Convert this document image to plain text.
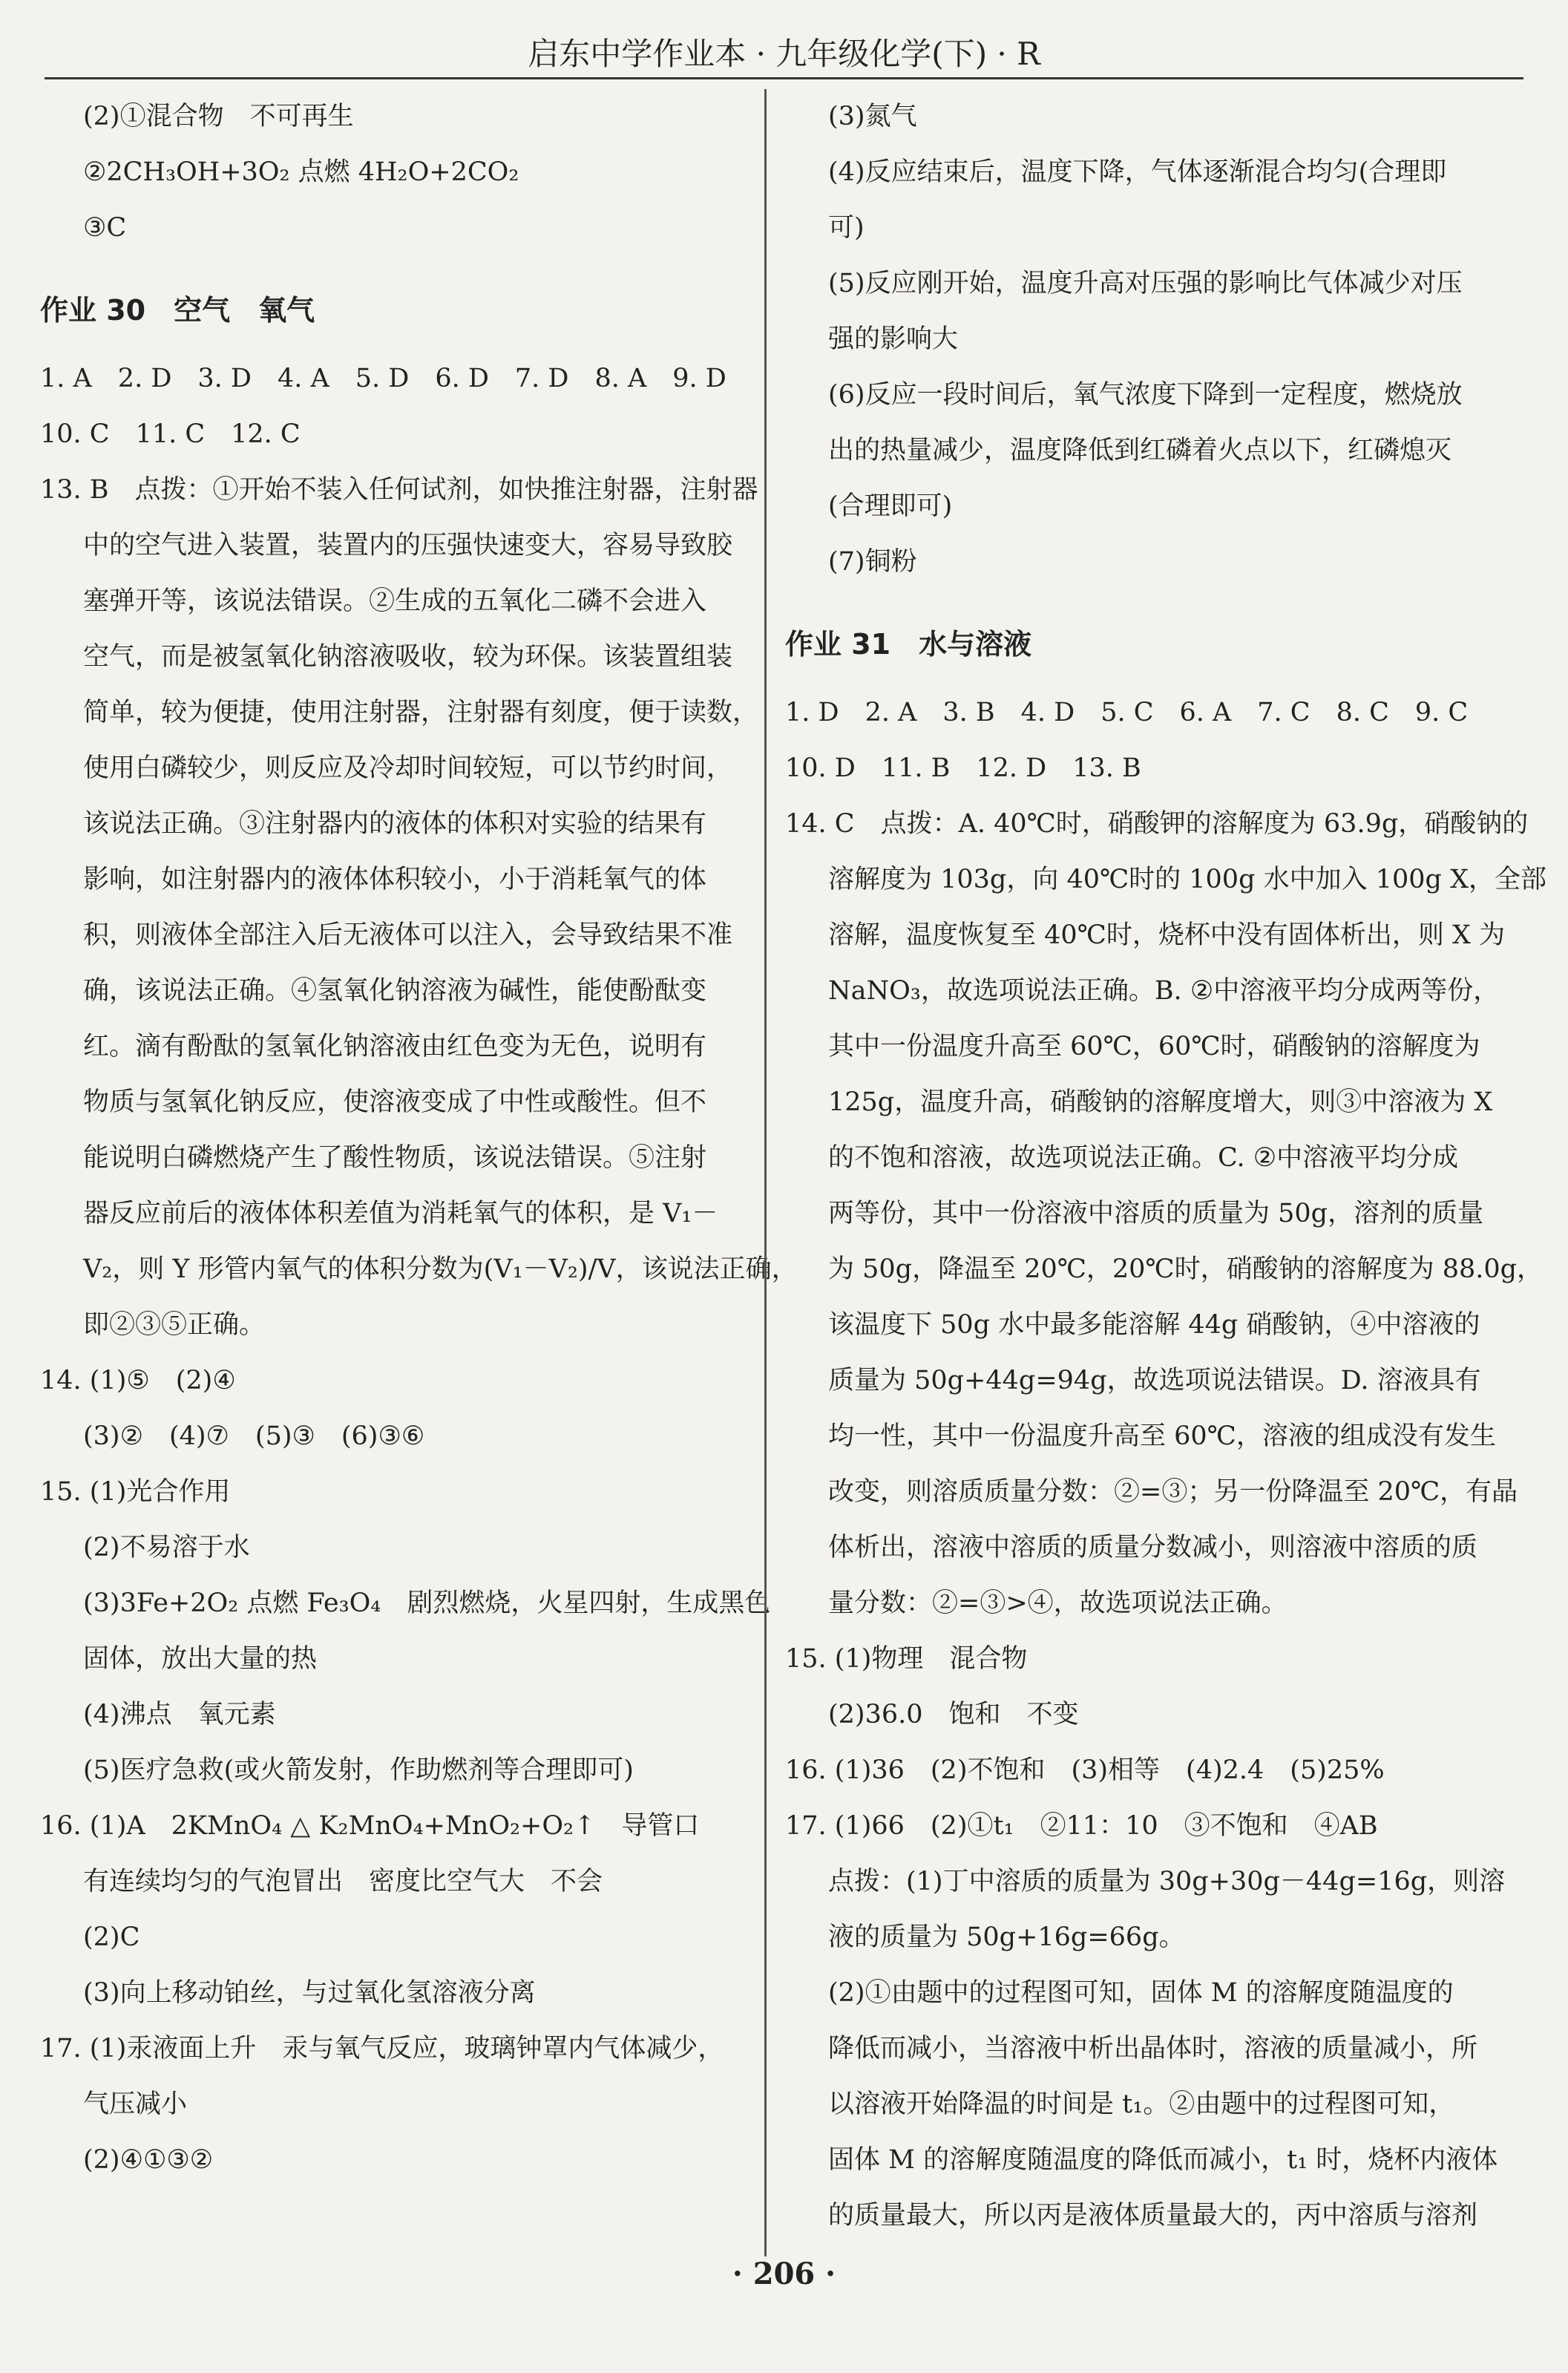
启东中学作业本 · 九年级化学(下) · R
(2)①混合物　不可再生
②2CH₃OH+3O₂ 点燃 4H₂O+2CO₂
③C
作业 30　空气　氧气
1. A　2. D　3. D　4. A　5. D　6. D　7. D　8. A　9. D
10. C　11. C　12. C
13. B　点拨：①开始不装入任何试剂，如快推注射器，注射器
中的空气进入装置，装置内的压强快速变大，容易导致胶
塞弹开等，该说法错误。②生成的五氧化二磷不会进入
空气，而是被氢氧化钠溶液吸收，较为环保。该装置组装
简单，较为便捷，使用注射器，注射器有刻度，便于读数，
使用白磷较少，则反应及冷却时间较短，可以节约时间，
该说法正确。③注射器内的液体的体积对实验的结果有
影响，如注射器内的液体体积较小，小于消耗氧气的体
积，则液体全部注入后无液体可以注入，会导致结果不准
确，该说法正确。④氢氧化钠溶液为碱性，能使酚酞变
红。滴有酚酞的氢氧化钠溶液由红色变为无色，说明有
物质与氢氧化钠反应，使溶液变成了中性或酸性。但不
能说明白磷燃烧产生了酸性物质，该说法错误。⑤注射
器反应前后的液体体积差值为消耗氧气的体积，是 V₁－
V₂，则 Y 形管内氧气的体积分数为(V₁－V₂)/V，该说法正确，
即②③⑤正确。
14. (1)⑤　(2)④
(3)②　(4)⑦　(5)③　(6)③⑥
15. (1)光合作用
(2)不易溶于水
(3)3Fe+2O₂ 点燃 Fe₃O₄　剧烈燃烧，火星四射，生成黑色
固体，放出大量的热
(4)沸点　氧元素
(5)医疗急救(或火箭发射，作助燃剂等合理即可)
16. (1)A　2KMnO₄ △ K₂MnO₄+MnO₂+O₂↑　导管口
有连续均匀的气泡冒出　密度比空气大　不会
(2)C
(3)向上移动铂丝，与过氧化氢溶液分离
17. (1)汞液面上升　汞与氧气反应，玻璃钟罩内气体减少，
气压减小
(2)④①③②
(3)氮气
(4)反应结束后，温度下降，气体逐渐混合均匀(合理即
可)
(5)反应刚开始，温度升高对压强的影响比气体减少对压
强的影响大
(6)反应一段时间后，氧气浓度下降到一定程度，燃烧放
出的热量减少，温度降低到红磷着火点以下，红磷熄灭
(合理即可)
(7)铜粉
作业 31　水与溶液
1. D　2. A　3. B　4. D　5. C　6. A　7. C　8. C　9. C
10. D　11. B　12. D　13. B
14. C　点拨：A. 40℃时，硝酸钾的溶解度为 63.9g，硝酸钠的
溶解度为 103g，向 40℃时的 100g 水中加入 100g X，全部
溶解，温度恢复至 40℃时，烧杯中没有固体析出，则 X 为
NaNO₃，故选项说法正确。B. ②中溶液平均分成两等份，
其中一份温度升高至 60℃，60℃时，硝酸钠的溶解度为
125g，温度升高，硝酸钠的溶解度增大，则③中溶液为 X
的不饱和溶液，故选项说法正确。C. ②中溶液平均分成
两等份，其中一份溶液中溶质的质量为 50g，溶剂的质量
为 50g，降温至 20℃，20℃时，硝酸钠的溶解度为 88.0g，
该温度下 50g 水中最多能溶解 44g 硝酸钠，④中溶液的
质量为 50g+44g=94g，故选项说法错误。D. 溶液具有
均一性，其中一份温度升高至 60℃，溶液的组成没有发生
改变，则溶质质量分数：②=③；另一份降温至 20℃，有晶
体析出，溶液中溶质的质量分数减小，则溶液中溶质的质
量分数：②=③>④，故选项说法正确。
15. (1)物理　混合物
(2)36.0　饱和　不变
16. (1)36　(2)不饱和　(3)相等　(4)2.4　(5)25%
17. (1)66　(2)①t₁　②11：10　③不饱和　④AB
点拨：(1)丁中溶质的质量为 30g+30g－44g=16g，则溶
液的质量为 50g+16g=66g。
(2)①由题中的过程图可知，固体 M 的溶解度随温度的
降低而减小，当溶液中析出晶体时，溶液的质量减小，所
以溶液开始降温的时间是 t₁。②由题中的过程图可知，
固体 M 的溶解度随温度的降低而减小，t₁ 时，烧杯内液体
的质量最大，所以丙是液体质量最大的，丙中溶质与溶剂
· 206 ·
